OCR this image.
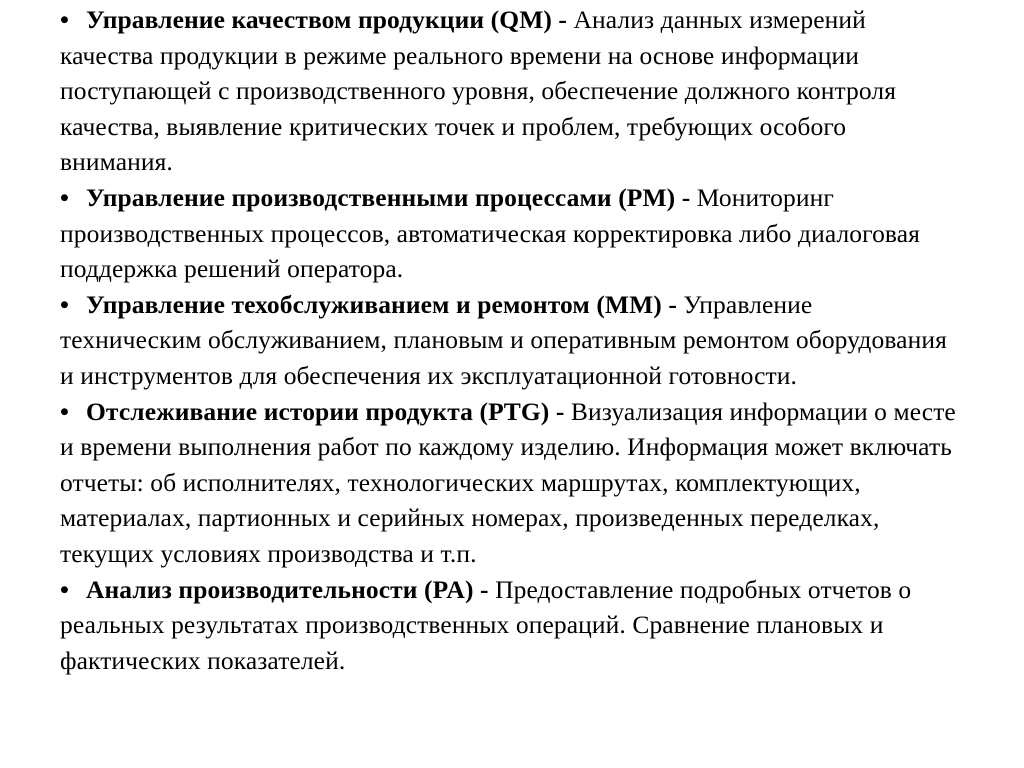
• Управление качеством продукции (QM) - Анализ данных измерений качества продукции в режиме реального времени на основе информации поступающей с производственного уровня, обеспечение должного контроля качества, выявление критических точек и проблем, требующих особого внимания.

• Управление производственными процессами (PM) - Мониторинг производственных процессов, автоматическая корректировка либо диалоговая поддержка решений оператора.

• Управление техобслуживанием и ремонтом (MM) - Управление техническим обслуживанием, плановым и оперативным ремонтом оборудования и инструментов для обеспечения их эксплуатационной готовности.

• Отслеживание истории продукта (PTG) - Визуализация информации о месте и времени выполнения работ по каждому изделию. Информация может включать отчеты: об исполнителях, технологических маршрутах, комплектующих, материалах, партионных и серийных номерах, произведенных переделках, текущих условиях производства и т.п.

• Анализ производительности (PA) - Предоставление подробных отчетов о реальных результатах производственных операций. Сравнение плановых и фактических показателей.
